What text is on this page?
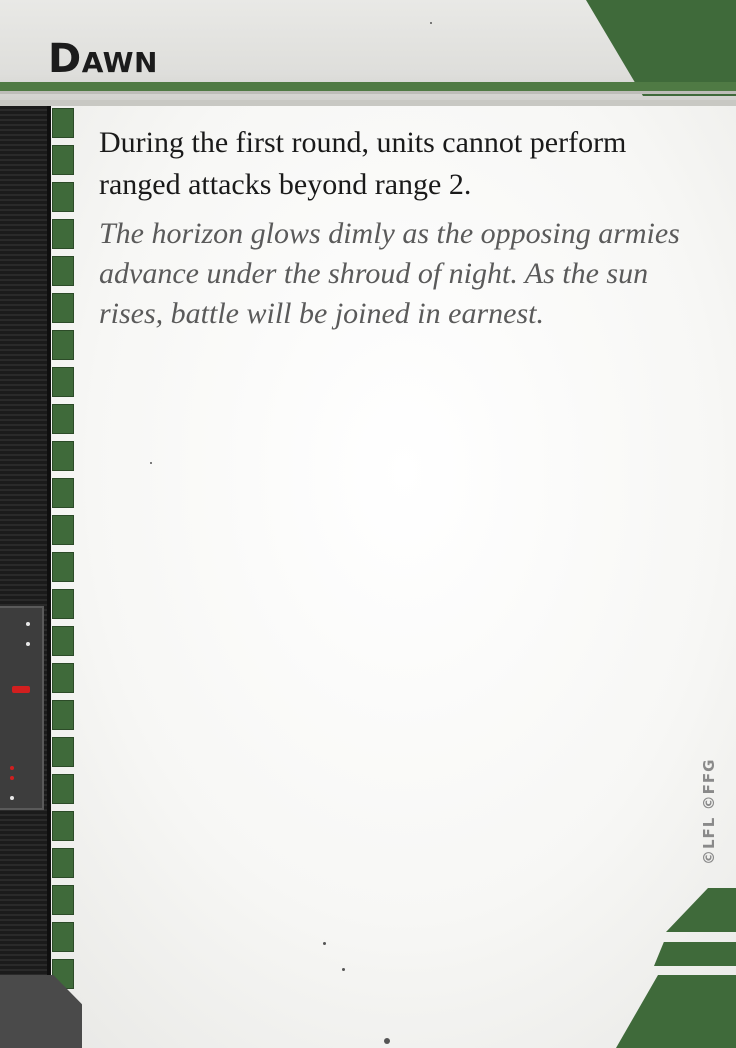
Dawn

During the first round, units cannot perform ranged attacks beyond range 2.

The horizon glows dimly as the opposing armies advance under the shroud of night. As the sun rises, battle will be joined in earnest.

©LFL ©FFG
